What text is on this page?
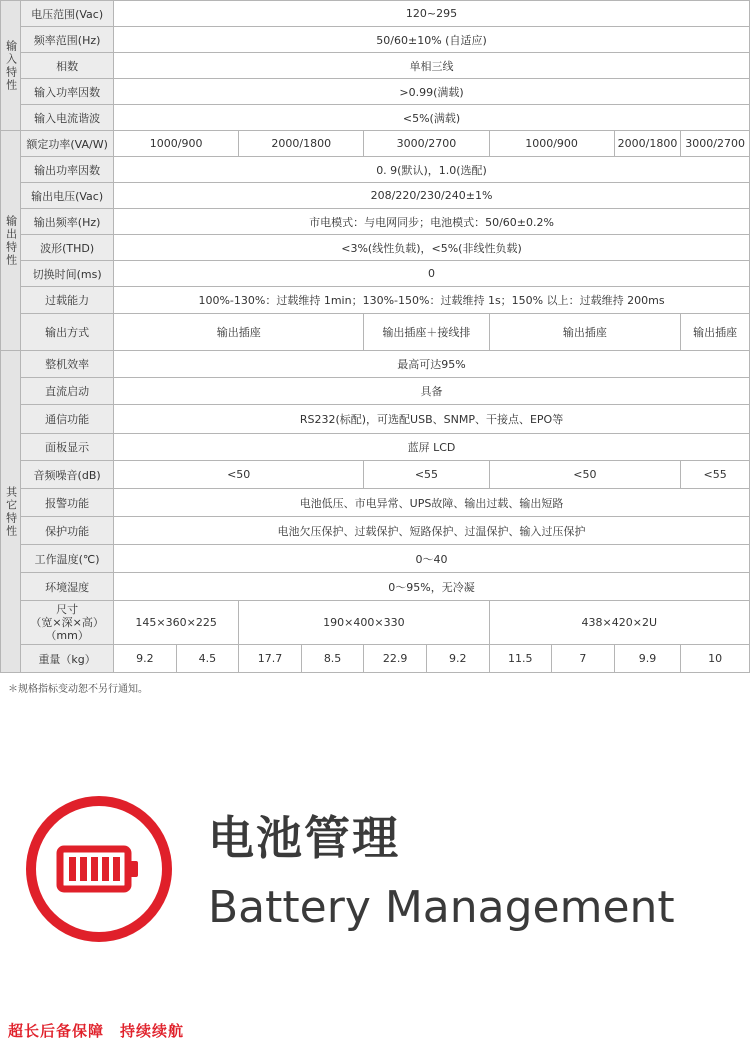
输入特性	电压范围(Vac)	120~295									
	频率范围(Hz)	50/60±10% (自适应)									
	相数	单相三线									
	输入功率因数	>0.99(满载)									
	输入电流谐波	<5%(满载)									
输出特性	额定功率(VA/W)	1000/900		2000/1800		3000/2700		1000/900		2000/1800	3000/2700
	输出功率因数	0. 9(默认)，1.0(选配)									
	输出电压(Vac)	208/220/230/240±1%									
	输出频率(Hz)	市电模式：与电网同步；电池模式：50/60±0.2%									
	波形(THD)	<3%(线性负载)，<5%(非线性负载)									
	切换时间(ms)	0									
	过载能力	100%-130%：过载维持 1min；130%-150%：过载维持 1s；150% 以上：过载维持 200ms									
	输出方式	输出插座				输出插座＋接线排		输出插座			输出插座
其它特性	整机效率	最高可达95%									
	直流启动	具备									
	通信功能	RS232(标配)，可选配USB、SNMP、干接点、EPO等									
	面板显示	蓝屏 LCD									
	音频噪音(dB)	<50				<55		<50			<55
	报警功能	电池低压、市电异常、UPS故障、输出过载、输出短路									
	保护功能	电池欠压保护、过载保护、短路保护、过温保护、输入过压保护									
	工作温度(℃)	0～40									
	环境湿度	0～95%，无冷凝									
	尺寸
（宽×深×高）
（mm）	145×360×225		190×400×330				438×420×2U			
	重量（kg）	9.2	4.5	17.7	8.5	22.9	9.2	11.5	7	9.9	10
＊规格指标变动恕不另行通知。
电池管理
Battery Management
超长后备保障　持续续航
